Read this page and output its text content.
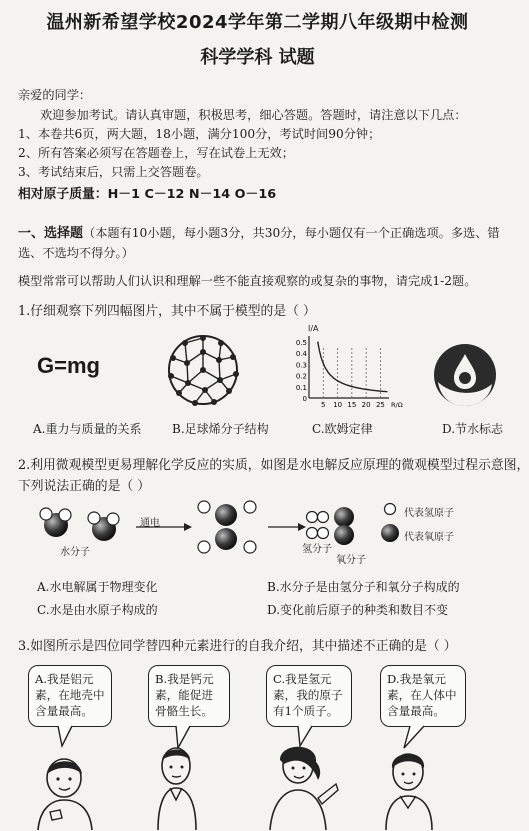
温州新希望学校2024学年第二学期八年级期中检测
科学学科 试题
亲爱的同学：
欢迎参加考试。请认真审题，积极思考，细心答题。答题时，请注意以下几点：
1、本卷共6页，两大题，18小题，满分100分，考试时间90分钟；
2、所有答案必须写在答题卷上，写在试卷上无效；
3、考试结束后，只需上交答题卷。
相对原子质量：H－1 C－12 N－14 O－16
一、选择题（本题有10小题，每小题3分，共30分，每小题仅有一个正确选项。多选、错
选、不选均不得分。）
模型常常可以帮助人们认识和理解一些不能直接观察的或复杂的事物，请完成1-2题。
1.仔细观察下列四幅图片，其中不属于模型的是（ ）
G=mg
0.5
0.4
0.3
0.2
0.1
0
5 10 15 20 25 R/Ω
I/A
A.重力与质量的关系	B.足球烯分子结构	C.欧姆定律	D.节水标志
2.利用微观模型更易理解化学反应的实质，如图是水电解反应原理的微观模型过程示意图，
下列说法正确的是（ ）
水分子
通电
氢分子
氧分子
代表氢原子
代表氧原子
A.水电解属于物理变化	B.水分子是由氢分子和氧分子构成的
C.水是由水原子构成的	D.变化前后原子的种类和数目不变
3.如图所示是四位同学替四种元素进行的自我介绍，其中描述不正确的是（ ）
A.我是铝元
素，在地壳中
含量最高。
B.我是钙元
素，能促进
骨骼生长。
C.我是氢元
素，我的原子
有1个质子。
D.我是氧元
素，在人体中
含量最高。
